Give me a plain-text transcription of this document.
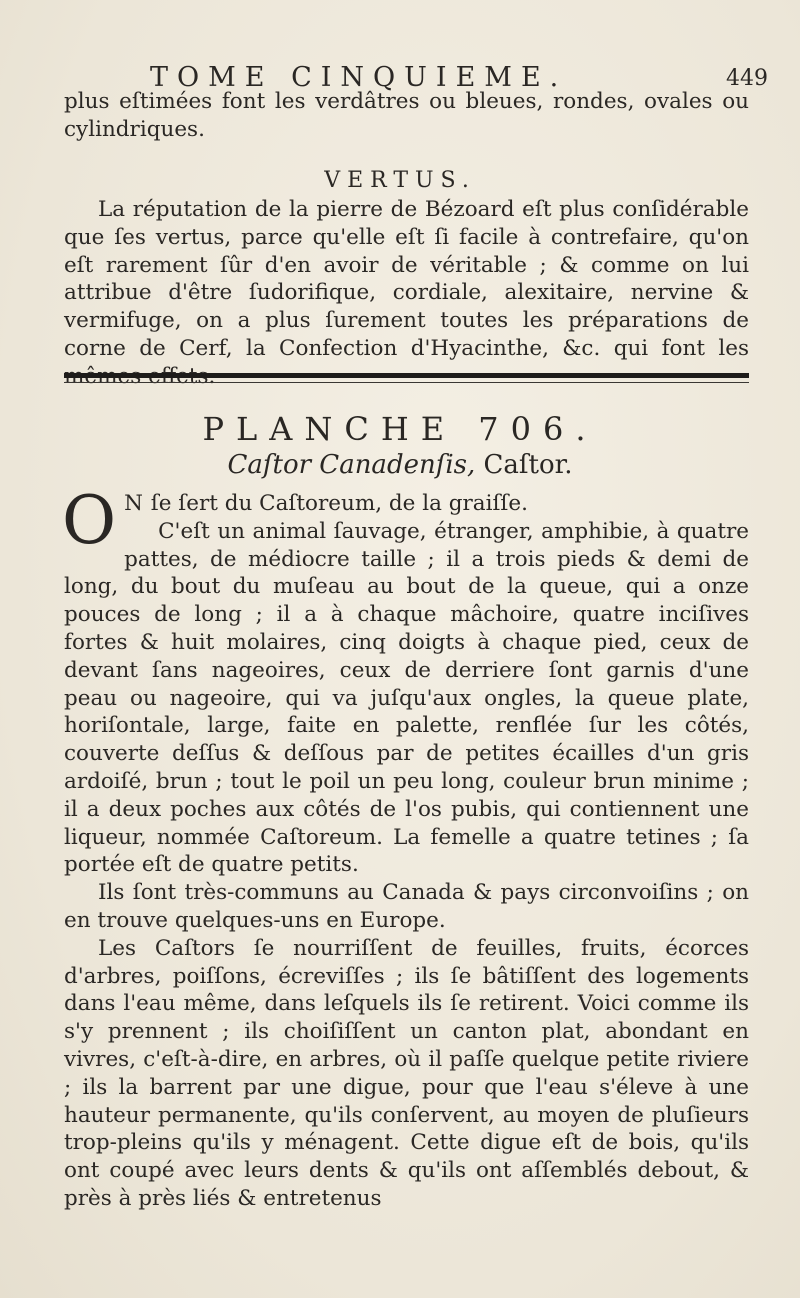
TOME CINQUIEME.	449

plus eſtimées font les verdâtres ou bleues, rondes, ovales ou cylindriques.

VERTUS.

La réputation de la pierre de Bézoard eſt plus conſidérable que ſes vertus, parce qu'elle eſt ſi facile à contrefaire, qu'on eſt rarement ſûr d'en avoir de véritable ; & comme on lui attribue d'être ſudorifique, cordiale, alexitaire, nervine & vermifuge, on a plus ſurement toutes les préparations de corne de Cerf, la Confection d'Hyacinthe, &c. qui font les

PLANCHE 706.
Caſtor Canadenſis, Caſtor.

O N ſe ſert du Caſtoreum, de la graiſſe.

C'eſt un animal ſauvage, étranger, amphibie, à quatre pattes, de médiocre taille ; il a trois pieds & demi de long, du bout du muſeau au bout de la queue, qui a onze pouces de long ; il a à chaque mâchoire, quatre inciſives fortes & huit molaires, cinq doigts à chaque pied, ceux de devant ſans nageoires, ceux de derriere ſont garnis d'une peau ou nageoire, qui va juſqu'aux ongles, la queue plate, horiſontale, large, faite en palette, renflée ſur les côtés, couverte deſſus & deſſous par de petites écailles d'un gris ardoiſé, brun ; tout le poil un peu long, couleur brun minime ; il a deux poches aux côtés de l'os pubis, qui contiennent une liqueur, nommée Caſtoreum. La femelle a quatre tetines ; ſa portée eſt de quatre petits.

Ils ſont très-communs au Canada & pays circonvoiſins ; on en trouve quelques-uns en Europe.

Les Caſtors ſe nourriſſent de feuilles, fruits, écorces d'arbres, poiſſons, écreviſſes ; ils ſe bâtiſſent des logements dans l'eau même, dans leſquels ils ſe retirent. Voici comme ils s'y prennent ; ils choiſiſſent un canton plat, abondant en vivres, c'eſt-à-dire, en arbres, où il paſſe quelque petite riviere ; ils la barrent par une digue, pour que l'eau s'éleve à une hauteur permanente, qu'ils conſervent, au moyen de pluſieurs trop-pleins qu'ils y ménagent. Cette digue eſt de bois, qu'ils ont coupé avec leurs dents & qu'ils ont aſſemblés debout, & près à près liés & entretenus
